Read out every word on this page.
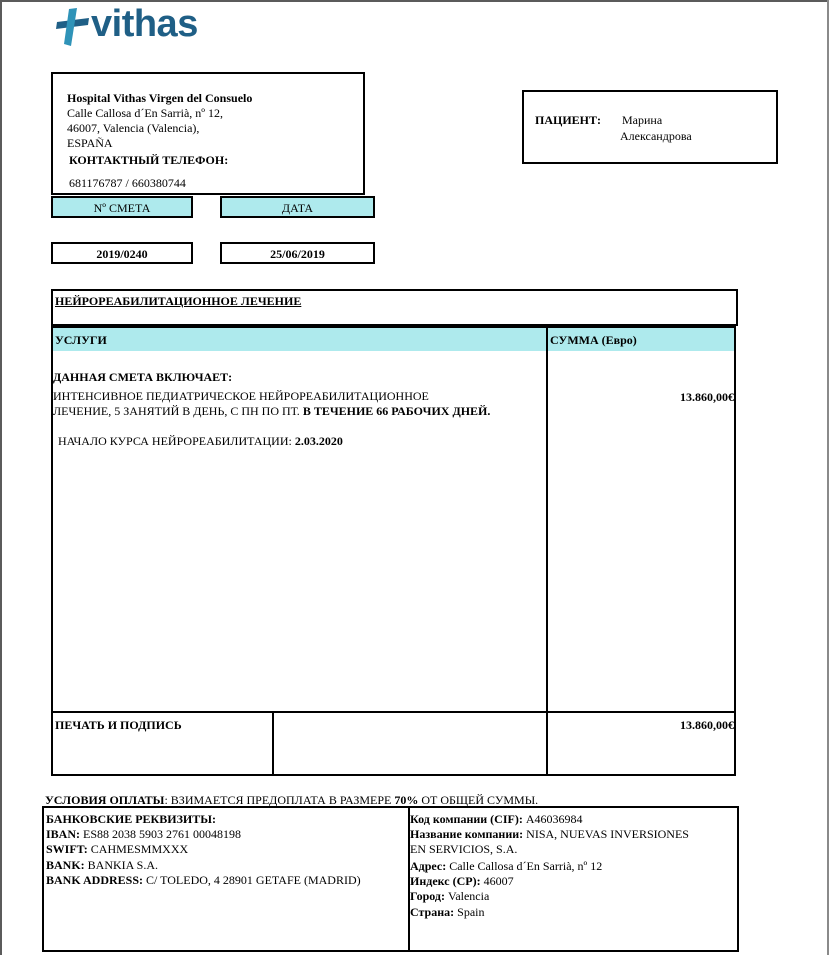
vithas
Hospital Vithas Virgen del Consuelo
Calle Callosa d´En Sarrià, nº 12,
46007, Valencia (Valencia),
ESPAÑA
КОНТАКТНЫЙ ТЕЛЕФОН:
681176787 / 660380744
ПАЦИЕНТ: Марина
Александрова
Nº СМЕТА	ДАТА
2019/0240	25/06/2019
НЕЙРОРЕАБИЛИТАЦИОННОЕ ЛЕЧЕНИЕ
УСЛУГИ	СУММА (Евро)
ДАННАЯ СМЕТА ВКЛЮЧАЕТ:
ИНТЕНСИВНОЕ ПЕДИАТРИЧЕСКОЕ НЕЙРОРЕАБИЛИТАЦИОННОЕ
ЛЕЧЕНИЕ, 5 ЗАНЯТИЙ В ДЕНЬ, С ПН ПО ПТ. В ТЕЧЕНИЕ 66 РАБОЧИХ ДНЕЙ.
НАЧАЛО КУРСА НЕЙРОРЕАБИЛИТАЦИИ: 2.03.2020
13.860,00€
ПЕЧАТЬ И ПОДПИСЬ	13.860,00€
УСЛОВИЯ ОПЛАТЫ: ВЗИМАЕТСЯ ПРЕДОПЛАТА В РАЗМЕРЕ 70% ОТ ОБЩЕЙ СУММЫ.
БАНКОВСКИЕ РЕКВИЗИТЫ:
IBAN: ES88 2038 5903 2761 00048198
SWIFT: CAHMESMMXXX
BANK: BANKIA S.A.
BANK ADDRESS: C/ TOLEDO, 4 28901 GETAFE (MADRID)
Код компании (CIF): A46036984
Название компании: NISA, NUEVAS INVERSIONES
EN SERVICIOS, S.A.
Адрес: Calle Callosa d´En Sarrià, nº 12
Индекс (CP): 46007
Город: Valencia
Страна: Spain
